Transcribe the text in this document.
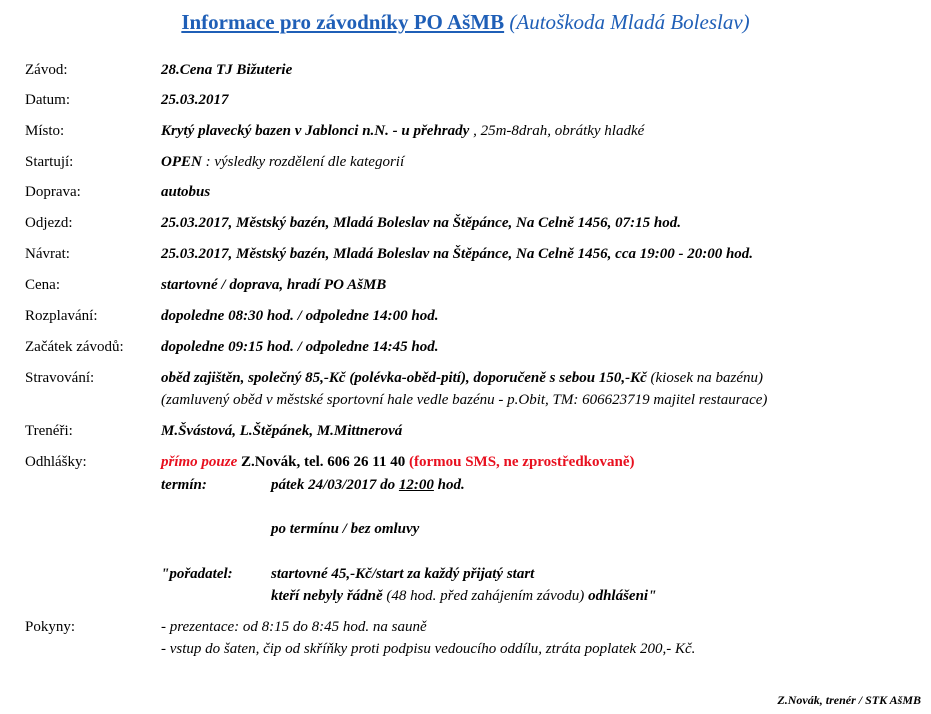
Informace pro závodníky PO AšMB (Autoškoda Mladá Boleslav)
Závod:	28.Cena TJ Bižuterie
Datum:	25.03.2017
Místo:	Krytý plavecký bazen v Jablonci n.N. - u přehrady , 25m-8drah, obrátky hladké
Startují:	OPEN : výsledky rozdělení dle kategorií
Doprava:	autobus
Odjezd:	25.03.2017, Městský bazén, Mladá Boleslav na Štěpánce, Na Celně 1456, 07:15 hod.
Návrat:	25.03.2017, Městský bazén, Mladá Boleslav na Štěpánce, Na Celně 1456, cca 19:00 - 20:00 hod.
Cena:	startovné / doprava, hradí PO AšMB
Rozplavání:	dopoledne 08:30 hod. / odpoledne 14:00 hod.
Začátek závodů: dopoledne 09:15 hod. / odpoledne 14:45 hod.
Stravování:	oběd zajištěn, společný 85,-Kč (polévka-oběd-pití), doporučeně s sebou 150,-Kč (kiosek na bazénu)
(zamluvený oběd v městské sportovní hale vedle bazénu - p.Obit, TM: 606623719 majitel restaurace)
Trenéři:	M.Švástová, L.Štěpánek, M.Mittnerová
Odhlášky:	přímo pouze Z.Novák, tel. 606 26 11 40 (formou SMS, ne zprostředkovaně)
termín:	pátek 24/03/2017 do 12:00 hod.
po termínu / bez omluvy
"pořadatel:	startovné 45,-Kč/start za každý přijatý start
kteří nebyly řádně (48 hod. před zahájením závodu) odhlášeni"
Pokyny:	- prezentace: od 8:15 do 8:45 hod. na sauně
- vstup do šaten, čip od skříňky proti podpisu vedoucího oddílu, ztráta poplatek 200,- Kč.
Z.Novák, trenér / STK AšMB
